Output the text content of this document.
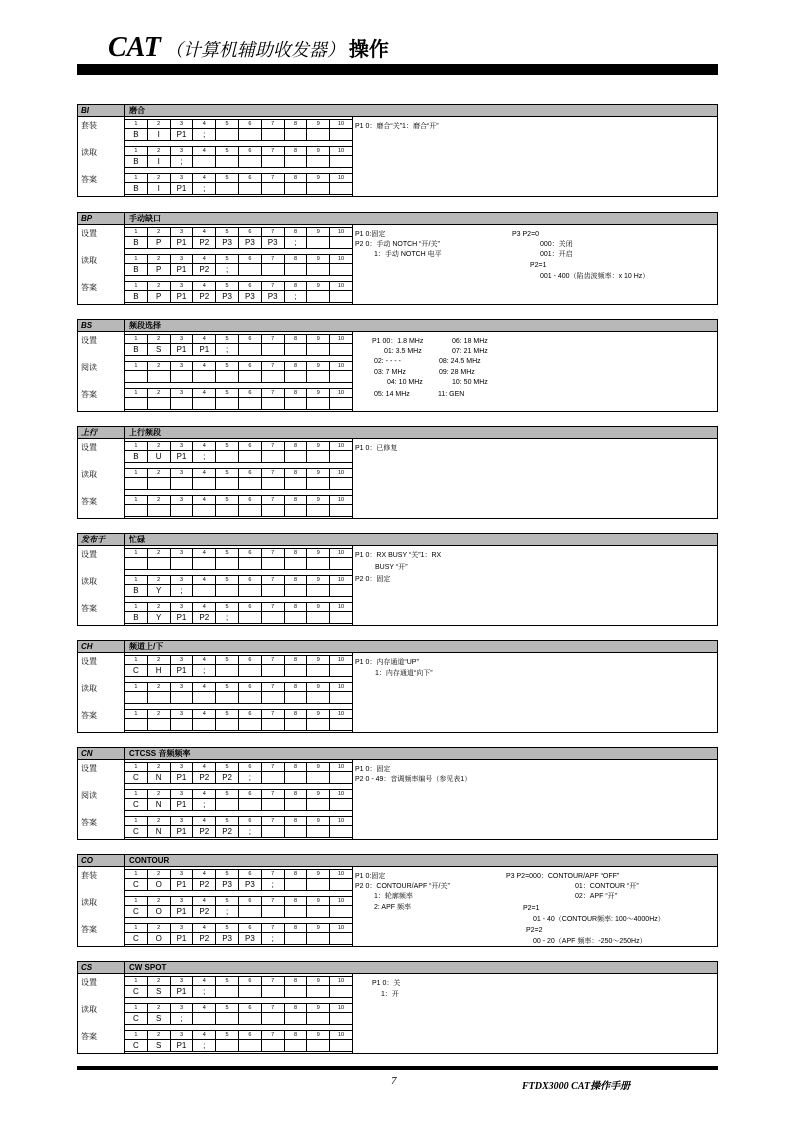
CAT （计算机辅助收发器） 操作
BI	磨合
套装	1	2	3	4	5	6	7	8	9	10
B	I	P1	;						
读取	1	2	3	4	5	6	7	8	9	10
B	I	;							
答案	1	2	3	4	5	6	7	8	9	10
B	I	P1	;						
P1 0：磨合“关”1：磨合“开”
BP	手动缺口
设置	1	2	3	4	5	6	7	8	9	10
B	P	P1	P2	P3	P3	P3	;		
读取	1	2	3	4	5	6	7	8	9	10
B	P	P1	P2	;					
答案	1	2	3	4	5	6	7	8	9	10
B	P	P1	P2	P3	P3	P3	;		
P1 0:固定
P2 0：手动 NOTCH “开/关”
1：手动 NOTCH 电平
P3 P2=0
000：关闭
001：开启
P2=1
001 - 400（陷齿波频率：x 10 Hz）
BS	频段选择
设置	1	2	3	4	5	6	7	8	9	10
B	S	P1	P1	;					
阅读	1	2	3	4	5	6	7	8	9	10

答案	1	2	3	4	5	6	7	8	9	10

P1 00：1.8 MHz
01: 3.5 MHz
02: - - - -
03: 7 MHz
04: 10 MHz
05: 14 MHz
06: 18 MHz
07: 21 MHz
08: 24.5 MHz
09: 28 MHz
10: 50 MHz
11: GEN
上行	上行频段
设置	1	2	3	4	5	6	7	8	9	10
B	U	P1	;						
读取	1	2	3	4	5	6	7	8	9	10

答案	1	2	3	4	5	6	7	8	9	10

P1 0：已修复
发布于	忙碌
设置	1	2	3	4	5	6	7	8	9	10

读取	1	2	3	4	5	6	7	8	9	10
B	Y	;							
答案	1	2	3	4	5	6	7	8	9	10
B	Y	P1	P2	;					
P1 0：RX BUSY “关”1：RX
BUSY “开”
P2 0：固定
CH	频道上/下
设置	1	2	3	4	5	6	7	8	9	10
C	H	P1	;						
读取	1	2	3	4	5	6	7	8	9	10

答案	1	2	3	4	5	6	7	8	9	10

P1 0：内存通道“UP”
1：内存通道“向下”
CN	CTCSS 音频频率
设置	1	2	3	4	5	6	7	8	9	10
C	N	P1	P2	P2	;				
阅读	1	2	3	4	5	6	7	8	9	10
C	N	P1	;						
答案	1	2	3	4	5	6	7	8	9	10
C	N	P1	P2	P2	;				
P1 0：固定
P2 0 - 49：音调频率编号（参见表1）
CO	CONTOUR
套装	1	2	3	4	5	6	7	8	9	10
C	O	P1	P2	P3	P3	;			
读取	1	2	3	4	5	6	7	8	9	10
C	O	P1	P2	;					
答案	1	2	3	4	5	6	7	8	9	10
C	O	P1	P2	P3	P3	;			
P1 0:固定
P2 0：CONTOUR/APF “开/关”
1：轮廓频率
2: APF 频率
P3 P2=000：CONTOUR/APF “OFF”
01：CONTOUR “开”
02：APF “开”
P2=1
01 - 40（CONTOUR频率: 100～4000Hz）
P2=2
00 - 20（APF 频率：-250～250Hz）
CS	CW SPOT
设置	1	2	3	4	5	6	7	8	9	10
C	S	P1	;						
读取	1	2	3	4	5	6	7	8	9	10
C	S	;							
答案	1	2	3	4	5	6	7	8	9	10
C	S	P1	;						
P1 0：关
1：开
7	FTDX3000 CAT操作手册
